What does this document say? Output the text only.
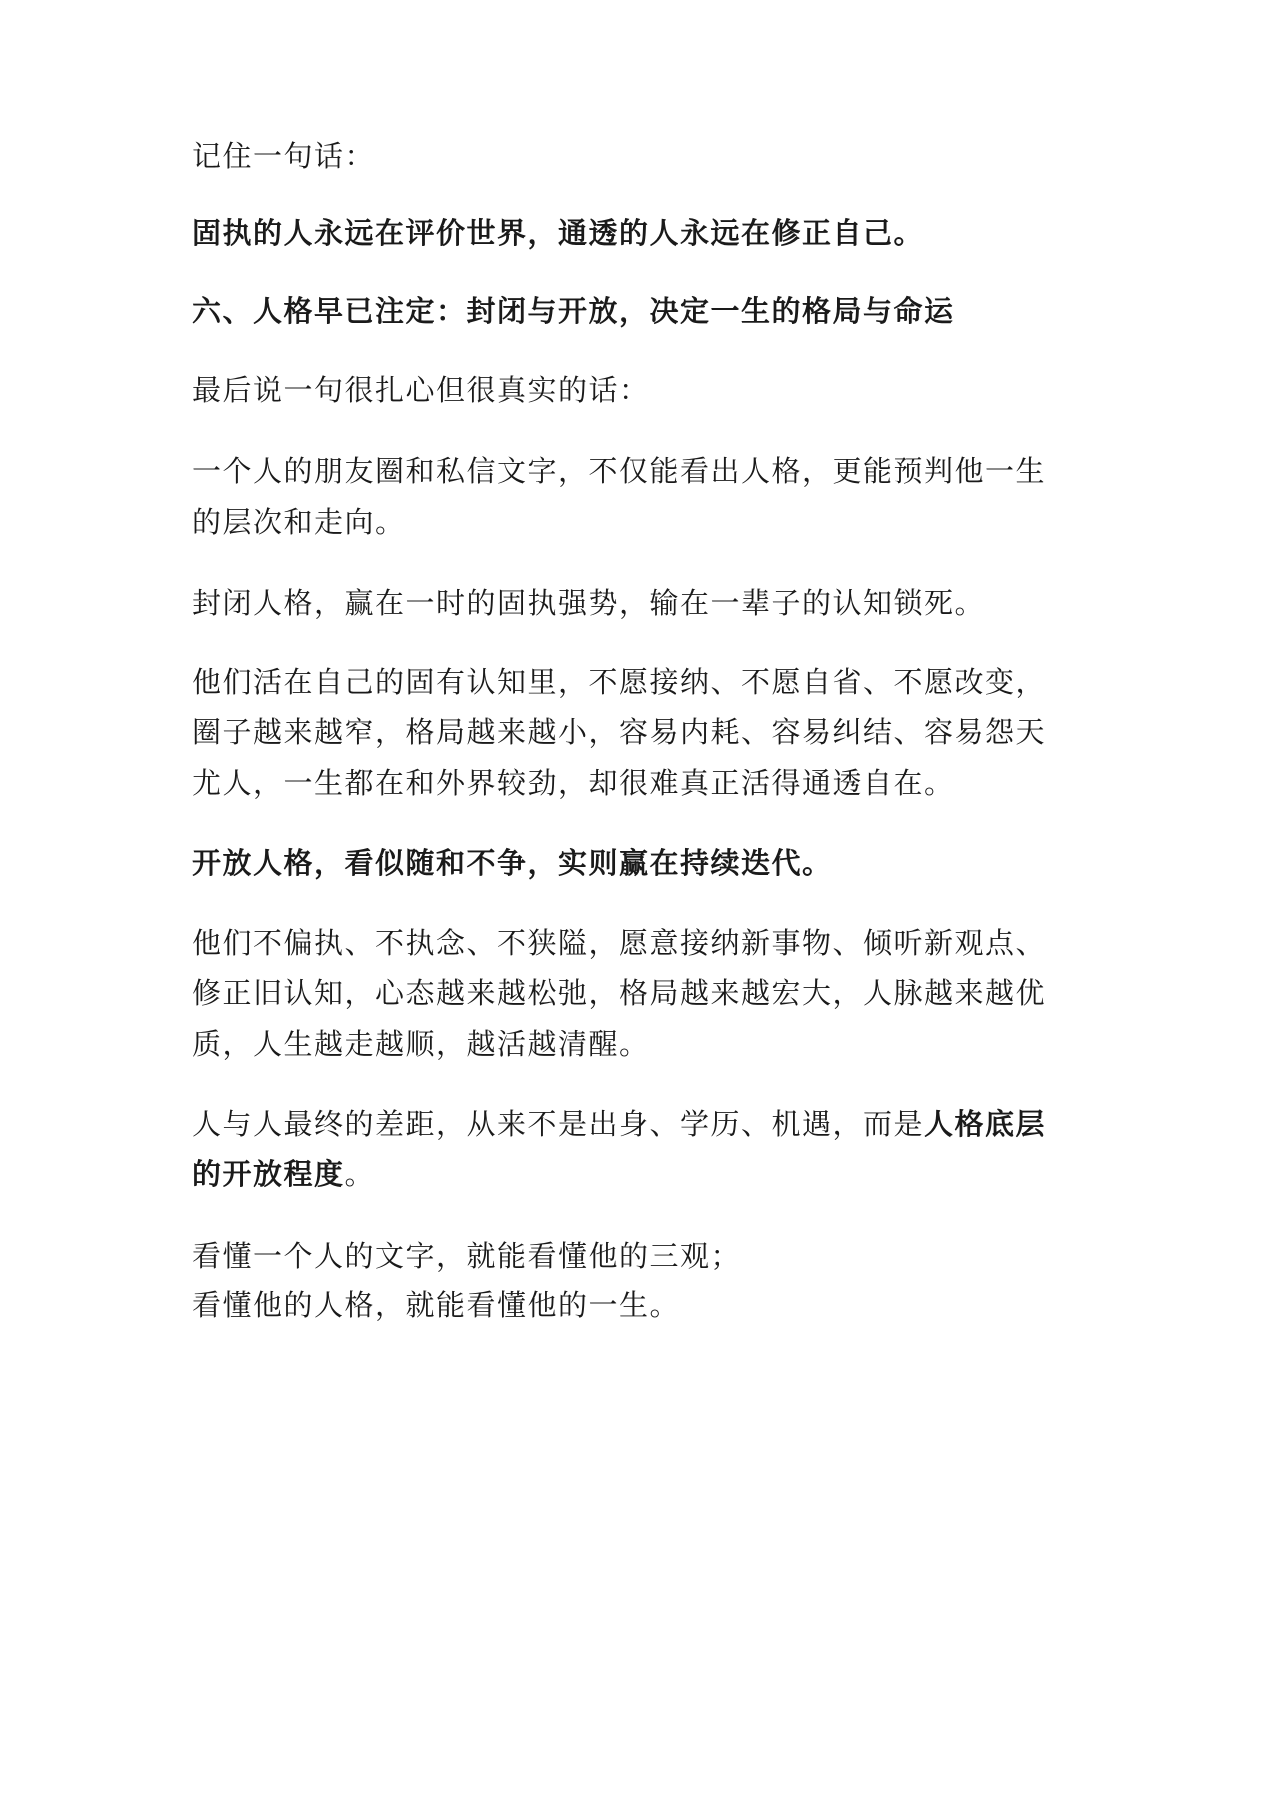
记住一句话：
固执的人永远在评价世界，通透的人永远在修正自己。
六、人格早已注定：封闭与开放，决定一生的格局与命运
最后说一句很扎心但很真实的话：
一个人的朋友圈和私信文字，不仅能看出人格，更能预判他一生
的层次和走向。
封闭人格，赢在一时的固执强势，输在一辈子的认知锁死。
他们活在自己的固有认知里，不愿接纳、不愿自省、不愿改变，
圈子越来越窄，格局越来越小，容易内耗、容易纠结、容易怨天
尤人，一生都在和外界较劲，却很难真正活得通透自在。
开放人格，看似随和不争，实则赢在持续迭代。
他们不偏执、不执念、不狭隘，愿意接纳新事物、倾听新观点、
修正旧认知，心态越来越松弛，格局越来越宏大，人脉越来越优
质，人生越走越顺，越活越清醒。
人与人最终的差距，从来不是出身、学历、机遇，而是人格底层
的开放程度。
看懂一个人的文字，就能看懂他的三观；
看懂他的人格，就能看懂他的一生。
